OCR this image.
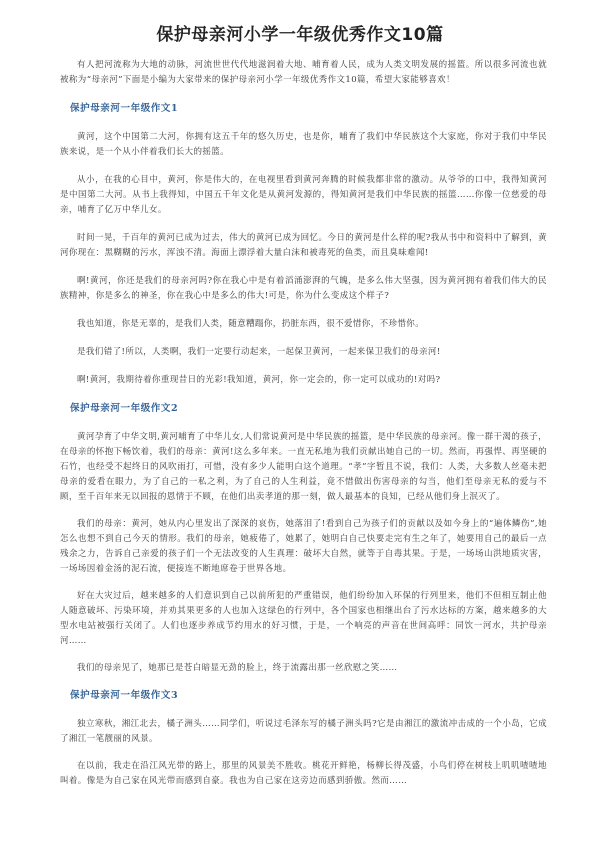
保护母亲河小学一年级优秀作文10篇

有人把河流称为大地的动脉，河流世世代代地滋润着大地、哺育着人民，成为人类文明发展的摇篮。所以很多河流也就被称为“母亲河”下面是小编为大家带来的保护母亲河小学一年级优秀作文10篇，希望大家能够喜欢！

保护母亲河一年级作文1

黄河，这个中国第二大河，你拥有这五千年的悠久历史，也是你，哺育了我们中华民族这个大家庭，你对于我们中华民族来说，是一个从小伴着我们长大的摇篮。

从小，在我的心目中，黄河，你是伟大的，在电视里看到黄河奔腾的时候我都非常的激动。从爷爷的口中，我得知黄河是中国第二大河。从书上我得知，中国五千年文化是从黄河发源的，得知黄河是我们中华民族的摇篮……你像一位慈爱的母亲，哺育了亿万中华儿女。

时间一晃，千百年的黄河已成为过去，伟大的黄河已成为回忆。今日的黄河是什么样的呢?我从书中和资料中了解到，黄河你现在：黑糊糊的污水，浑浊不清。海面上漂浮着大量白沫和被毒死的鱼类，而且臭味难闻!

啊!黄河，你还是我们的母亲河吗?你在我心中是有着滔涌澎湃的气魄，是多么伟大坚强，因为黄河拥有着我们伟大的民族精神，你是多么的神圣，你在我心中是多么的伟大!可是，你为什么变成这个样子?

我也知道，你是无辜的，是我们人类，随意糟蹋你，扔脏东西，很不爱惜你，不珍惜你。

是我们错了!所以，人类啊，我们一定要行动起来，一起保卫黄河，一起来保卫我们的母亲河!

啊!黄河，我期待着你重现昔日的光彩!我知道，黄河，你一定会的，你一定可以成功的!对吗?

保护母亲河一年级作文2

黄河孕育了中华文明,黄河哺育了中华儿女,人们常说黄河是中华民族的摇篮，是中华民族的母亲河。像一群干渴的孩子，在母亲的怀抱下畅饮着，我们的母亲：黄河!这么多年来。一直无私地为我们贡献出她自己的一切。然而，再强悍、再坚硬的石竹，也经受不起终日的风吹雨打，可惜，没有多少人能明白这个道理。“孝”字暂且不说，我们：人类，大多数人丝毫未把母亲的爱看在眼力，为了自己的一私之利，为了自己的人生利益，竟不惜做出伤害母亲的勾当，他们至母亲无私的爱与不顾，至千百年来无以回报的恩情于不顾，在他们出卖孝道的那一刻，做人最基本的良知，已经从他们身上泯灭了。

我们的母亲：黄河，她从内心里发出了深深的哀伤，她落泪了!看到自己为孩子们的贡献以及如今身上的“遍体鳞伤”,她怎么也想不到自己今天的情形。我们的母亲，她疲倦了，她累了，她明白自己快要走完有生之年了，她要用自己的最后一点残余之力，告诉自己亲爱的孩子们一个无法改变的人生真理：破坏大自然，就等于自毒其果。于是，一场场山洪地质灾害，一场场因着金汤的泥石流，便接连不断地席卷于世界各地。

好在大灾过后，越来越多的人们意识到自己以前所犯的严重错误，他们纷纷加入环保的行列里来，他们不但相互制止他人随意破坏、污染环境，并劝其果更多的人也加入这绿色的行列中，各个国家也相继出台了污水达标的方案，越来越多的大型水电站被强行关闭了。人们也逐步养成节约用水的好习惯，于是，一个响亮的声音在世间高呼：同饮一河水，共护母亲河……

我们的母亲见了，她那已是苍白暗显无劲的脸上，终于流露出那一丝欣慰之笑……

保护母亲河一年级作文3

独立寒秋，湘江北去，橘子洲头……同学们，听说过毛泽东写的橘子洲头吗?它是由湘江的激流冲击成的一个小岛，它成了湘江一笔靓丽的风景。

在以前，我走在沿江风光带的路上，那里的风景美不胜收。桃花开鲜艳，杨柳长得茂盛，小鸟们停在树枝上叽叽喳喳地叫着。像是为自己家在风光带而感到自豪。我也为自己家在这旁边而感到骄傲。然而……
